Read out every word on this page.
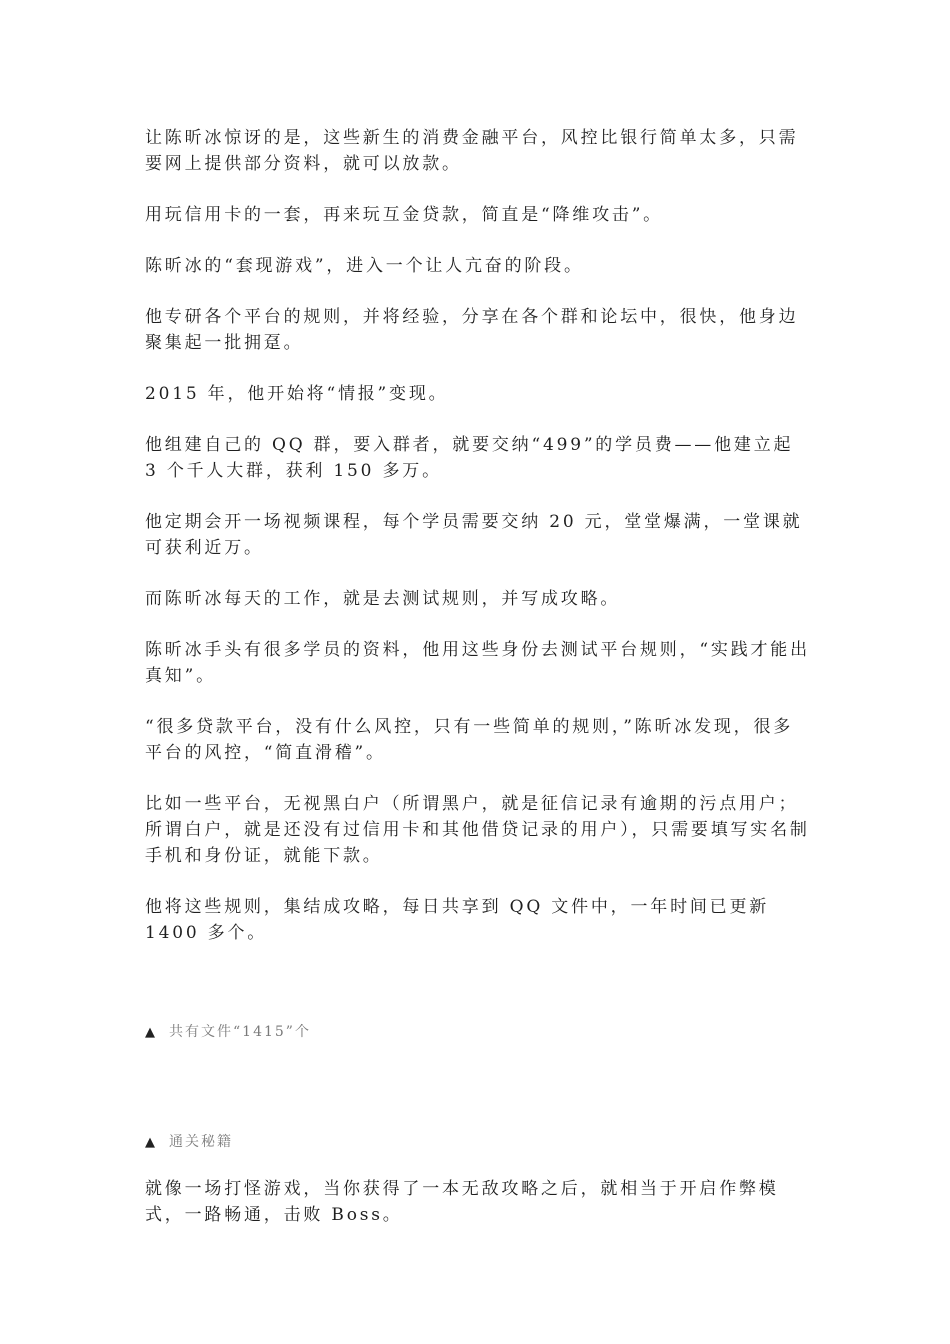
让陈昕冰惊讶的是，这些新生的消费金融平台，风控比银行简单太多，只需要网上提供部分资料，就可以放款。

用玩信用卡的一套，再来玩互金贷款，简直是“降维攻击”。

陈昕冰的“套现游戏”，进入一个让人亢奋的阶段。

他专研各个平台的规则，并将经验，分享在各个群和论坛中，很快，他身边聚集起一批拥趸。

2015 年，他开始将“情报”变现。

他组建自己的 QQ 群，要入群者，就要交纳“499”的学员费——他建立起 3 个千人大群，获利 150 多万。

他定期会开一场视频课程，每个学员需要交纳 20 元，堂堂爆满，一堂课就可获利近万。

而陈昕冰每天的工作，就是去测试规则，并写成攻略。

陈昕冰手头有很多学员的资料，他用这些身份去测试平台规则，“实践才能出真知”。

“很多贷款平台，没有什么风控，只有一些简单的规则，”陈昕冰发现，很多平台的风控，“简直滑稽”。

比如一些平台，无视黑白户（所谓黑户，就是征信记录有逾期的污点用户；所谓白户，就是还没有过信用卡和其他借贷记录的用户），只需要填写实名制手机和身份证，就能下款。

他将这些规则，集结成攻略，每日共享到 QQ 文件中，一年时间已更新 1400 多个。

▲ 共有文件“1415”个

▲ 通关秘籍

就像一场打怪游戏，当你获得了一本无敌攻略之后，就相当于开启作弊模式，一路畅通，击败 Boss。
